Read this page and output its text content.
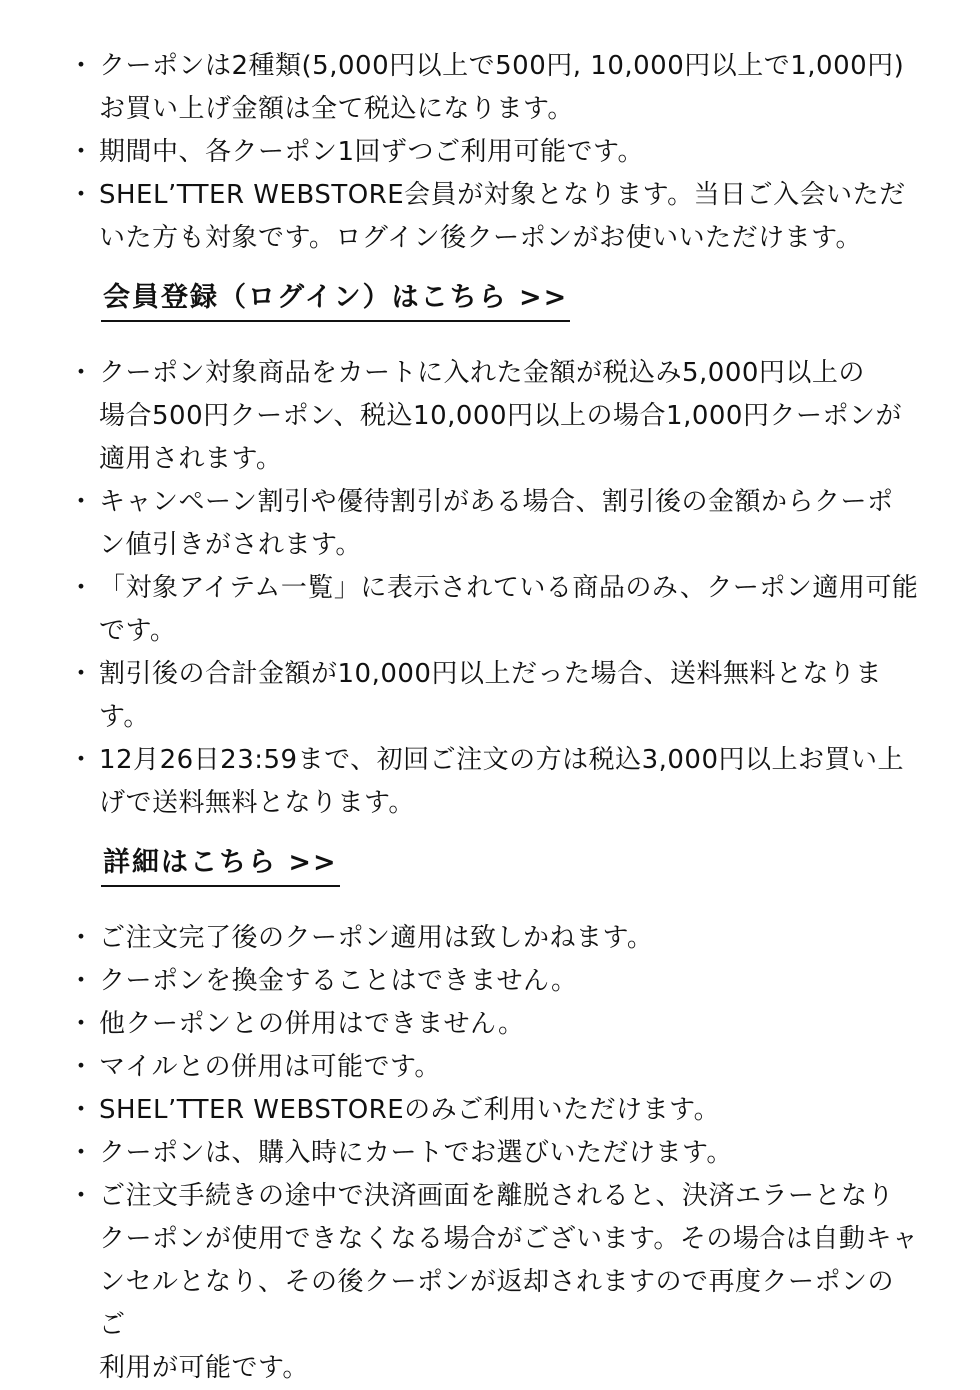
・ クーポンは2種類(5,000円以上で500円, 10,000円以上で1,000円)
お買い上げ金額は全て税込になります。
・ 期間中、各クーポン1回ずつご利用可能です。
・ SHEL’TTER WEBSTORE会員が対象となります。当日ご入会いただ
いた方も対象です。ログイン後クーポンがお使いいただけます。
会員登録（ログイン）はこちら >>
・ クーポン対象商品をカートに入れた金額が税込み5,000円以上の
場合500円クーポン、税込10,000円以上の場合1,000円クーポンが
適用されます。
・ キャンペーン割引や優待割引がある場合、割引後の金額からクーポ
ン値引きがされます。
・ 「対象アイテム一覧」に表示されている商品のみ、クーポン適用可能
です。
・ 割引後の合計金額が10,000円以上だった場合、送料無料となりま
す。
・ 12月26日23:59まで、初回ご注文の方は税込3,000円以上お買い上
げで送料無料となります。
詳細はこちら >>
・ ご注文完了後のクーポン適用は致しかねます。
・ クーポンを換金することはできません。
・ 他クーポンとの併用はできません。
・ マイルとの併用は可能です。
・ SHEL’TTER WEBSTOREのみご利用いただけます。
・ クーポンは、購入時にカートでお選びいただけます。
・ ご注文手続きの途中で決済画面を離脱されると、決済エラーとなり
クーポンが使用できなくなる場合がございます。その場合は自動キャ
ンセルとなり、その後クーポンが返却されますので再度クーポンのご
利用が可能です。
